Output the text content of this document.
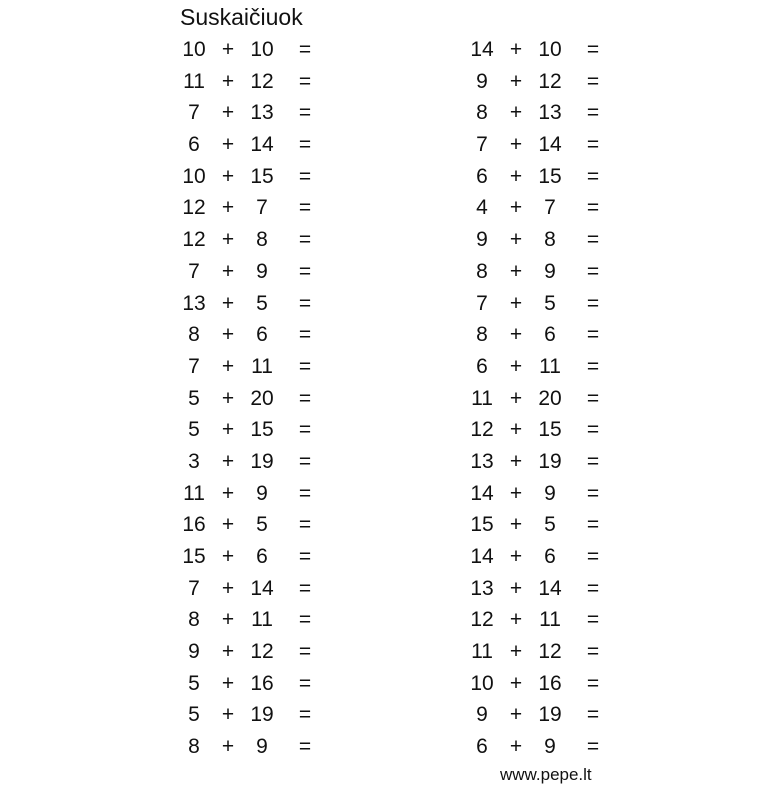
Suskaičiuok
10 + 10 =
11 + 12 =
7	+ 13 =
6	+ 14 =
10 + 15 =
12 +	7	=
12 +	8	=
7	+	9	=
13 +	5	=
8	+	6	=
7	+ 11 =
5	+ 20 =
5	+ 15 =
3	+ 19 =
11 +	9	=
16 +	5	=
15 +	6	=
7	+ 14 =
8	+ 11 =
9	+ 12 =
5	+ 16 =
5	+ 19 =
8	+	9	=
14 + 10 =
9	+ 12 =
8	+ 13 =
7	+ 14 =
6	+ 15 =
4	+	7	=
9	+	8	=
8	+	9	=
7	+	5	=
8	+	6	=
6	+ 11 =
11 + 20 =
12 + 15 =
13 + 19 =
14 +	9	=
15 +	5	=
14 +	6	=
13 + 14 =
12 + 11 =
11 + 12 =
10 + 16 =
9	+ 19 =
6	+	9	=
www.pepe.lt
